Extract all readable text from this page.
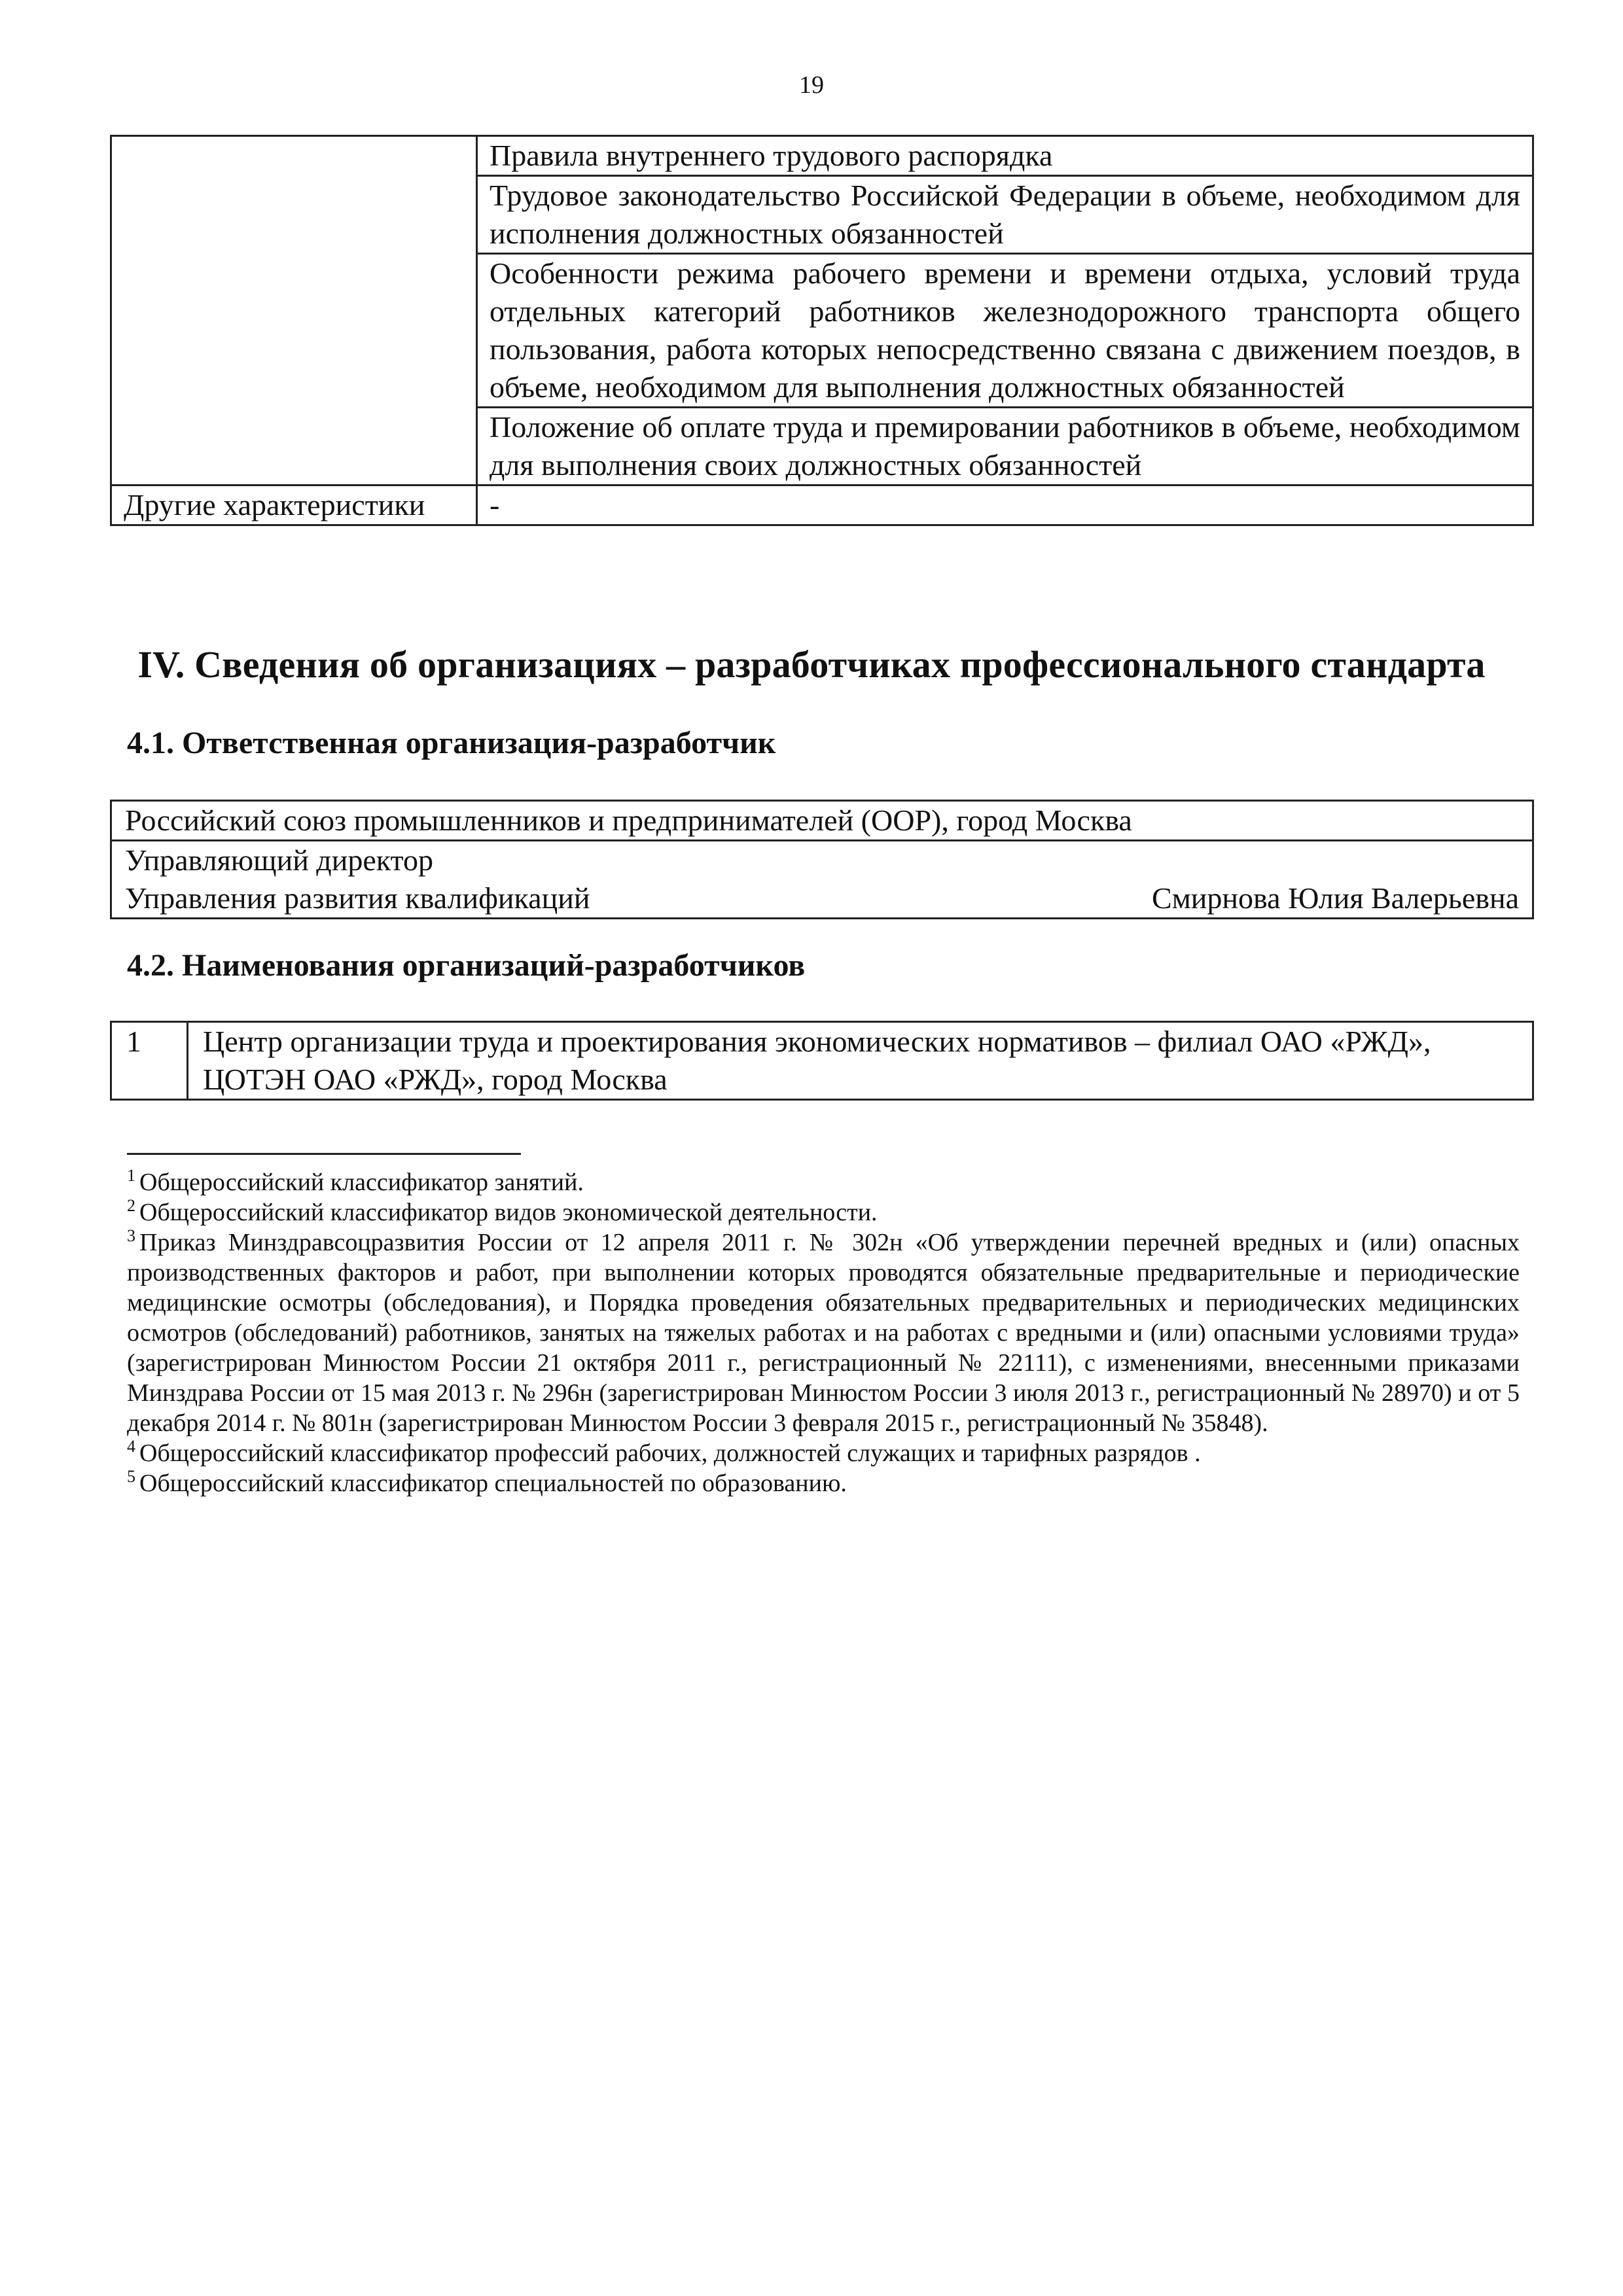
19
	Правила внутреннего трудового распорядка
	Трудовое законодательство Российской Федерации в объеме, необходимом для исполнения должностных обязанностей
	Особенности режима рабочего времени и времени отдыха, условий труда отдельных категорий работников железнодорожного транспорта общего пользования, работа которых непосредственно связана с движением поездов, в объеме, необходимом для выполнения должностных обязанностей
	Положение об оплате труда и премировании работников в объеме, необходимом для выполнения своих должностных обязанностей
Другие характеристики	-
IV. Сведения об организациях – разработчиках профессионального стандарта
4.1. Ответственная организация-разработчик
Российский союз промышленников и предпринимателей (ООР), город Москва

Управляющий директор
Управления развития квалификаций	Смирнова Юлия Валерьевна
4.2. Наименования организаций-разработчиков
1	Центр организации труда и проектирования экономических нормативов – филиал ОАО «РЖД», ЦОТЭН ОАО «РЖД», город Москва

$^1$ Общероссийский классификатор занятий.

$^2$ Общероссийский классификатор видов экономической деятельности.

$^3$ Приказ Минздравсоцразвития России от 12 апреля 2011 г. № 302н «Об утверждении перечней вредных и (или) опасных производственных факторов и работ, при выполнении которых проводятся обязательные предварительные и периодические медицинские осмотры (обследования), и Порядка проведения обязательных предварительных и периодических медицинских осмотров (обследований) работников, занятых на тяжелых работах и на работах с вредными и (или) опасными условиями труда» (зарегистрирован Минюстом России 21 октября 2011 г., регистрационный № 22111), с изменениями, внесенными приказами Минздрава России от 15 мая 2013 г. № 296н (зарегистрирован Минюстом России 3 июля 2013 г., регистрационный № 28970) и от 5 декабря 2014 г. № 801н (зарегистрирован Минюстом России 3 февраля 2015 г., регистрационный № 35848).

$^4$ Общероссийский классификатор профессий рабочих, должностей служащих и тарифных разрядов .

$^5$ Общероссийский классификатор специальностей по образованию.
